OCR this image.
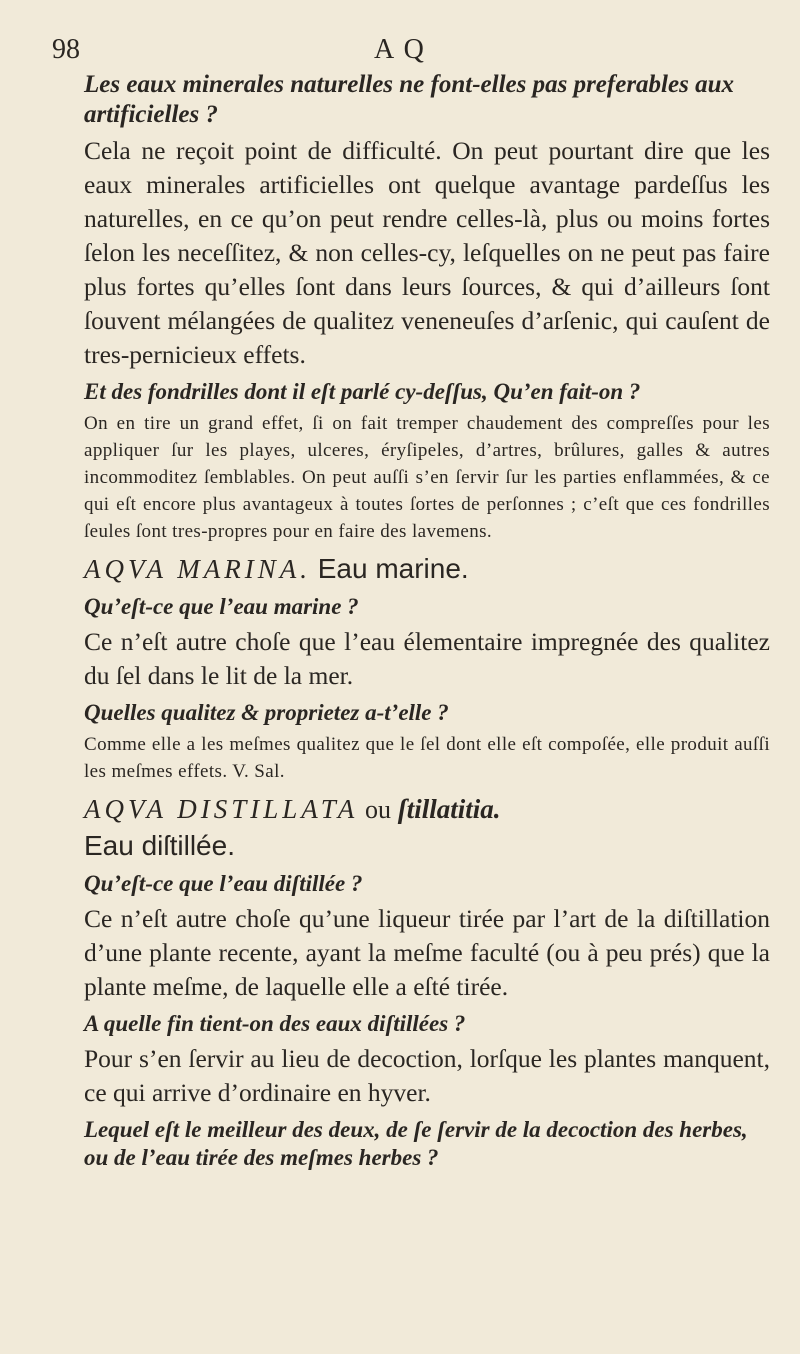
98	A Q

Les eaux minerales naturelles ne font-elles pas preferables aux artificielles ?

Cela ne reçoit point de difficulté. On peut pourtant dire que les eaux minerales artificielles ont quelque avantage pardeſſus les naturelles, en ce qu’on peut rendre celles-là, plus ou moins fortes ſelon les neceſſitez, & non celles-cy, leſquelles on ne peut pas faire plus fortes qu’elles ſont dans leurs ſources, & qui d’ailleurs ſont ſouvent mélangées de qualitez veneneuſes d’arſenic, qui cauſent de tres-pernicieux effets.

Et des fondrilles dont il eſt parlé cy-deſſus, Qu’en fait-on ?

On en tire un grand effet, ſi on fait tremper chaudement des compreſſes pour les appliquer ſur les playes, ulceres, éryſipeles, d’artres, brûlures, galles & autres incommoditez ſemblables. On peut auſſi s’en ſervir ſur les parties enflammées, & ce qui eſt encore plus avantageux à toutes ſortes de perſonnes ; c’eſt que ces fondrilles ſeules ſont tres-propres pour en faire des lavemens.

AQVA MARINA. Eau marine.

Qu’eſt-ce que l’eau marine ?

Ce n’eſt autre choſe que l’eau élementaire impregnée des qualitez du ſel dans le lit de la mer.

Quelles qualitez & proprietez a-t’elle ?

Comme elle a les meſmes qualitez que le ſel dont elle eſt compoſée, elle produit auſſi les meſmes effets. V. Sal.

AQVA DISTILLATA ou ſtillatitia.
Eau diſtillée.

Qu’eſt-ce que l’eau diſtillée ?

Ce n’eſt autre choſe qu’une liqueur tirée par l’art de la diſtillation d’une plante recente, ayant la meſme faculté (ou à peu prés) que la plante meſme, de laquelle elle a eſté tirée.

A quelle fin tient-on des eaux diſtillées ?

Pour s’en ſervir au lieu de decoction, lorſque les plantes manquent, ce qui arrive d’ordinaire en hyver.

Lequel eſt le meilleur des deux, de ſe ſervir de la decoction des herbes, ou de l’eau tirée des meſmes herbes ?
